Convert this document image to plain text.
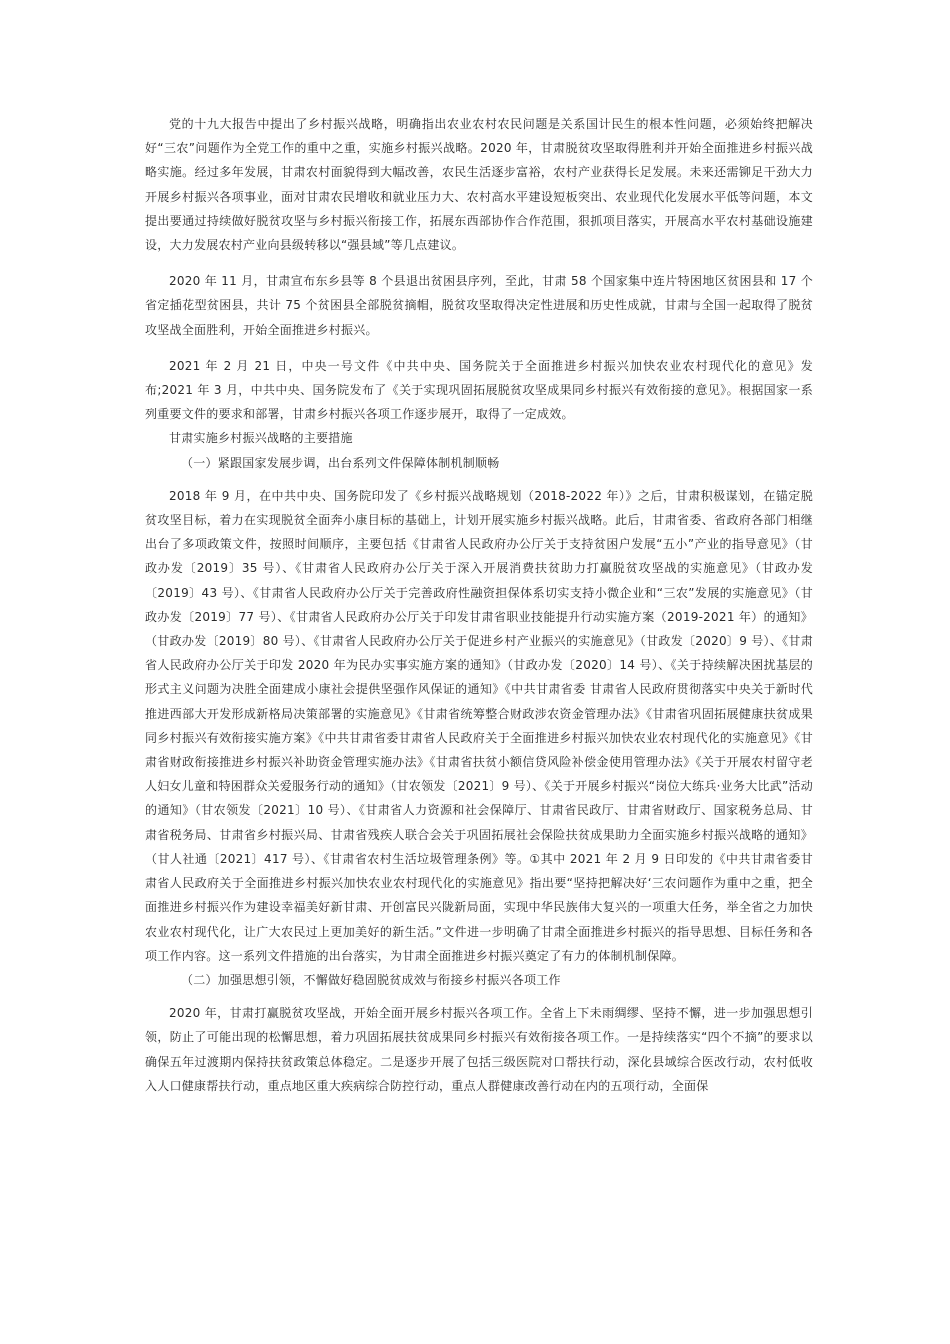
党的十九大报告中提出了乡村振兴战略，明确指出农业农村农民问题是关系国计民生的根本性问题，必须始终把解决好“三农”问题作为全党工作的重中之重，实施乡村振兴战略。2020 年，甘肃脱贫攻坚取得胜利并开始全面推进乡村振兴战略实施。经过多年发展，甘肃农村面貌得到大幅改善，农民生活逐步富裕，农村产业获得长足发展。未来还需铆足干劲大力开展乡村振兴各项事业，面对甘肃农民增收和就业压力大、农村高水平建设短板突出、农业现代化发展水平低等问题，本文提出要通过持续做好脱贫攻坚与乡村振兴衔接工作，拓展东西部协作合作范围，狠抓项目落实，开展高水平农村基础设施建设，大力发展农村产业向县级转移以“强县域”等几点建议。

2020 年 11 月，甘肃宣布东乡县等 8 个县退出贫困县序列，至此，甘肃 58 个国家集中连片特困地区贫困县和 17 个省定插花型贫困县，共计 75 个贫困县全部脱贫摘帽，脱贫攻坚取得决定性进展和历史性成就，甘肃与全国一起取得了脱贫攻坚战全面胜利，开始全面推进乡村振兴。

2021 年 2 月 21 日，中央一号文件《中共中央、国务院关于全面推进乡村振兴加快农业农村现代化的意见》发布;2021 年 3 月，中共中央、国务院发布了《关于实现巩固拓展脱贫攻坚成果同乡村振兴有效衔接的意见》。根据国家一系列重要文件的要求和部署，甘肃乡村振兴各项工作逐步展开，取得了一定成效。

甘肃实施乡村振兴战略的主要措施

（一）紧跟国家发展步调，出台系列文件保障体制机制顺畅

2018 年 9 月，在中共中央、国务院印发了《乡村振兴战略规划（2018-2022 年）》之后，甘肃积极谋划，在锚定脱贫攻坚目标，着力在实现脱贫全面奔小康目标的基础上，计划开展实施乡村振兴战略。此后，甘肃省委、省政府各部门相继出台了多项政策文件，按照时间顺序，主要包括《甘肃省人民政府办公厅关于支持贫困户发展“五小”产业的指导意见》（甘政办发〔2019〕35 号）、《甘肃省人民政府办公厅关于深入开展消费扶贫助力打赢脱贫攻坚战的实施意见》（甘政办发〔2019〕43 号）、《甘肃省人民政府办公厅关于完善政府性融资担保体系切实支持小微企业和“三农”发展的实施意见》（甘政办发〔2019〕77 号）、《甘肃省人民政府办公厅关于印发甘肃省职业技能提升行动实施方案（2019-2021 年）的通知》（甘政办发〔2019〕80 号）、《甘肃省人民政府办公厅关于促进乡村产业振兴的实施意见》（甘政发〔2020〕9 号）、《甘肃省人民政府办公厅关于印发 2020 年为民办实事实施方案的通知》（甘政办发〔2020〕14 号）、《关于持续解决困扰基层的形式主义问题为决胜全面建成小康社会提供坚强作风保证的通知》《中共甘肃省委 甘肃省人民政府贯彻落实中央关于新时代推进西部大开发形成新格局决策部署的实施意见》《甘肃省统筹整合财政涉农资金管理办法》《甘肃省巩固拓展健康扶贫成果同乡村振兴有效衔接实施方案》《中共甘肃省委甘肃省人民政府关于全面推进乡村振兴加快农业农村现代化的实施意见》《甘肃省财政衔接推进乡村振兴补助资金管理实施办法》《甘肃省扶贫小额信贷风险补偿金使用管理办法》《关于开展农村留守老人妇女儿童和特困群众关爱服务行动的通知》（甘农领发〔2021〕9 号）、《关于开展乡村振兴“岗位大练兵·业务大比武”活动的通知》（甘农领发〔2021〕10 号）、《甘肃省人力资源和社会保障厅、甘肃省民政厅、甘肃省财政厅、国家税务总局、甘肃省税务局、甘肃省乡村振兴局、甘肃省残疾人联合会关于巩固拓展社会保险扶贫成果助力全面实施乡村振兴战略的通知》（甘人社通〔2021〕417 号）、《甘肃省农村生活垃圾管理条例》等。①其中 2021 年 2 月 9 日印发的《中共甘肃省委甘肃省人民政府关于全面推进乡村振兴加快农业农村现代化的实施意见》指出要“坚持把解决好‘三农问题作为重中之重，把全面推进乡村振兴作为建设幸福美好新甘肃、开创富民兴陇新局面，实现中华民族伟大复兴的一项重大任务，举全省之力加快农业农村现代化，让广大农民过上更加美好的新生活。”文件进一步明确了甘肃全面推进乡村振兴的指导思想、目标任务和各项工作内容。这一系列文件措施的出台落实，为甘肃全面推进乡村振兴奠定了有力的体制机制保障。

（二）加强思想引领，不懈做好稳固脱贫成效与衔接乡村振兴各项工作

2020 年，甘肃打赢脱贫攻坚战，开始全面开展乡村振兴各项工作。全省上下未雨绸缪、坚持不懈，进一步加强思想引领，防止了可能出现的松懈思想，着力巩固拓展扶贫成果同乡村振兴有效衔接各项工作。一是持续落实“四个不摘”的要求以确保五年过渡期内保持扶贫政策总体稳定。二是逐步开展了包括三级医院对口帮扶行动，深化县域综合医改行动，农村低收入人口健康帮扶行动，重点地区重大疾病综合防控行动，重点人群健康改善行动在内的五项行动，全面保
